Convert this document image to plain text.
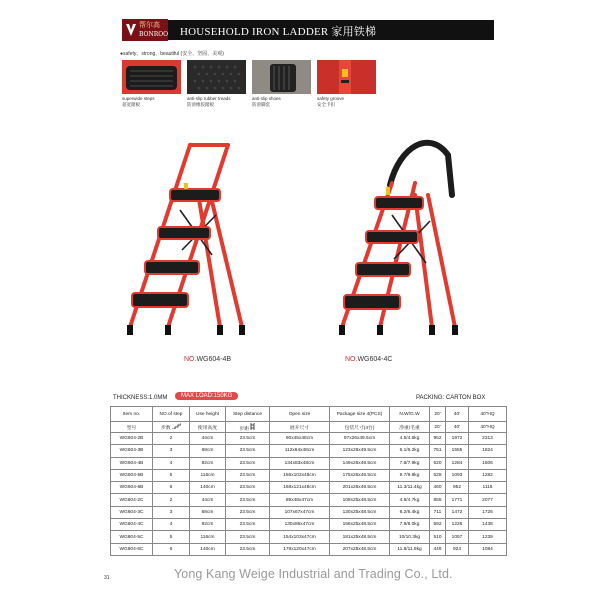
帮尔高
BONROO HOUSEHOLD IRON LADDER 家用铁梯
●safety、strong、beautiful (安全、坚固、美观)
superwide steps
超宽踏板
anti-slip rubber treads
防滑橡胶踏板
anti-slip shoes
防滑脚套
safety groove
安全卡扣
NO.WG604-4B	NO.WG604-4C
THICKNESS:1.0MM	MAX LOAD:150KG	PACKING: CARTON BOX
Item no.	NO.of step	Use height	Step distance	Open size	Package size 4(PCS)	N.W/G.W	20'	40'	40"HQ
型号	步数	使用高度	步距	展开尺寸	包装尺寸(4台)	净重/毛重	20'	40'	40"HQ
WG604-2B	2	44cm	23.5cm	90x45x48cm	97x26x49.5cm	4.5/4.6kg	952	1972	2313
WG604-3B	3	68cm	23.5cm	112x64x48cm	123x26x49.5cm	6.1/6.2kg	751	1555	1824
WG604-4B	4	92cm	23.5cm	134x83x48cm	149x26x49.5cm	7.8/7.9kg	620	1284	1506
WG604-5B	5	116cm	23.5cm	156x102x48cm	175x26x49.5cm	9.7/9.8kg	528	1093	1282
WG604-6B	6	140cm	23.5cm	168x121x48cm	201x26x49.5cm	11.3/11.4kg	460	952	1116
WG604-2C	2	44cm	23.5cm	89x48x47cm	108x25x48.5cm	4.6/4.7kg	855	1771	2077
WG604-3C	3	68cm	23.5cm	107x67x47cm	130x25x48.5cm	6.2/6.4kg	711	1472	1726
WG604-4C	4	92cm	23.5cm	130x86x47cm	156x25x48.5cm	7.9/8.0kg	592	1226	1438
WG604-5C	5	116cm	23.5cm	154x103x47cm	181x25x48.5cm	10/10.3kg	510	1057	1239
WG604-6C	6	140cm	23.5cm	179x120x47cm	207x25x48.5cm	11.8/11.9kg	446	924	1084
31	Yong Kang Weige Industrial and Trading Co., Ltd.
